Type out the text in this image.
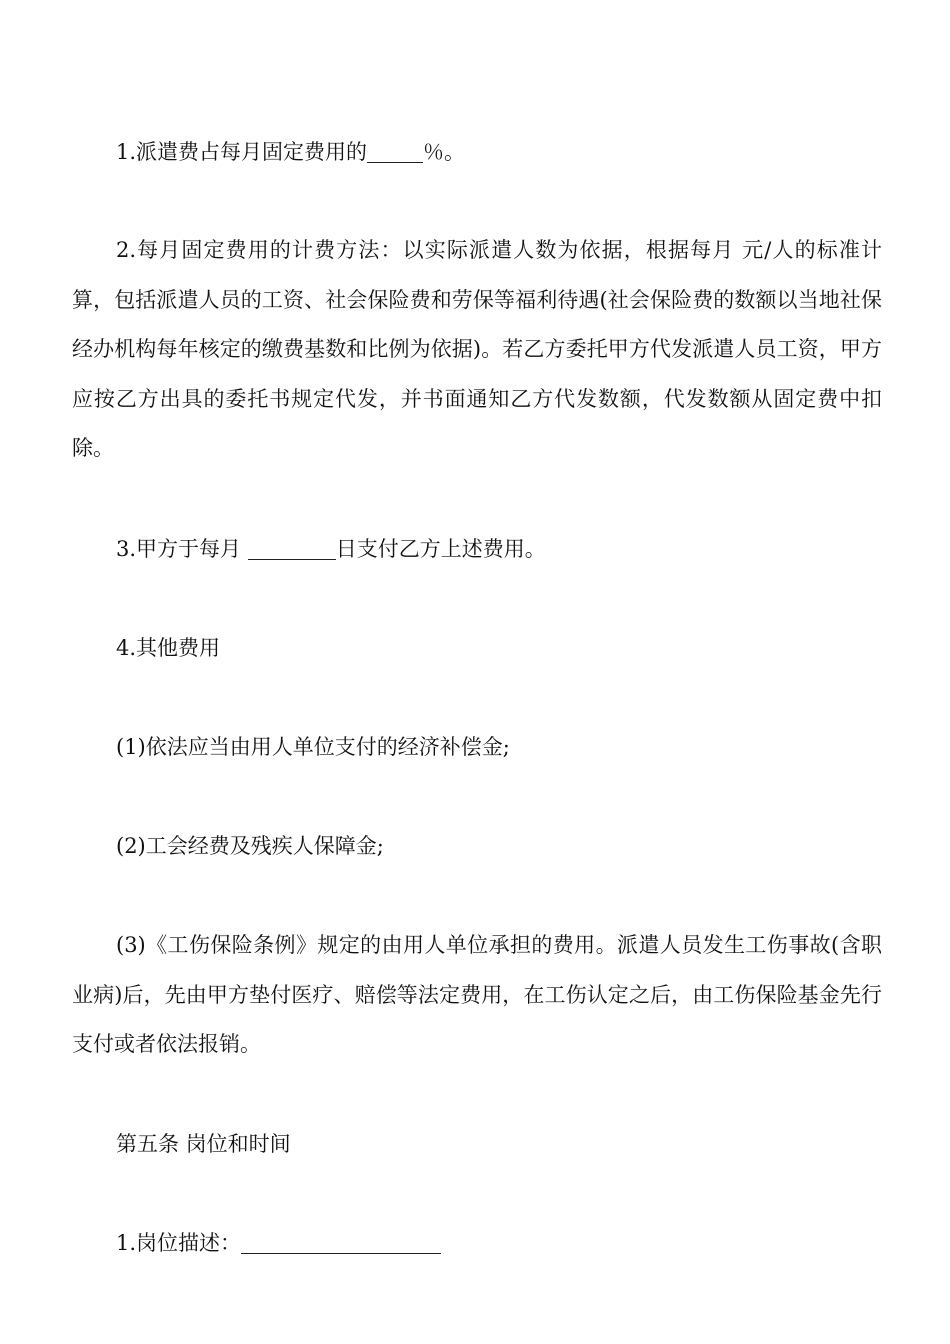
1.派遣费占每月固定费用的	％。

2.每月固定费用的计费方法：以实际派遣人数为依据，根据每月 元/人的标准计算，包括派遣人员的工资、社会保险费和劳保等福利待遇(社会保险费的数额以当地社保经办机构每年核定的缴费基数和比例为依据)。若乙方委托甲方代发派遣人员工资，甲方应按乙方出具的委托书规定代发，并书面通知乙方代发数额，代发数额从固定费中扣除。

3.甲方于每月	日支付乙方上述费用。

4.其他费用

(1)依法应当由用人单位支付的经济补偿金;

(2)工会经费及残疾人保障金;

(3)《工伤保险条例》规定的由用人单位承担的费用。派遣人员发生工伤事故(含职业病)后，先由甲方垫付医疗、赔偿等法定费用，在工伤认定之后，由工伤保险基金先行支付或者依法报销。

第五条 岗位和时间

1.岗位描述：
